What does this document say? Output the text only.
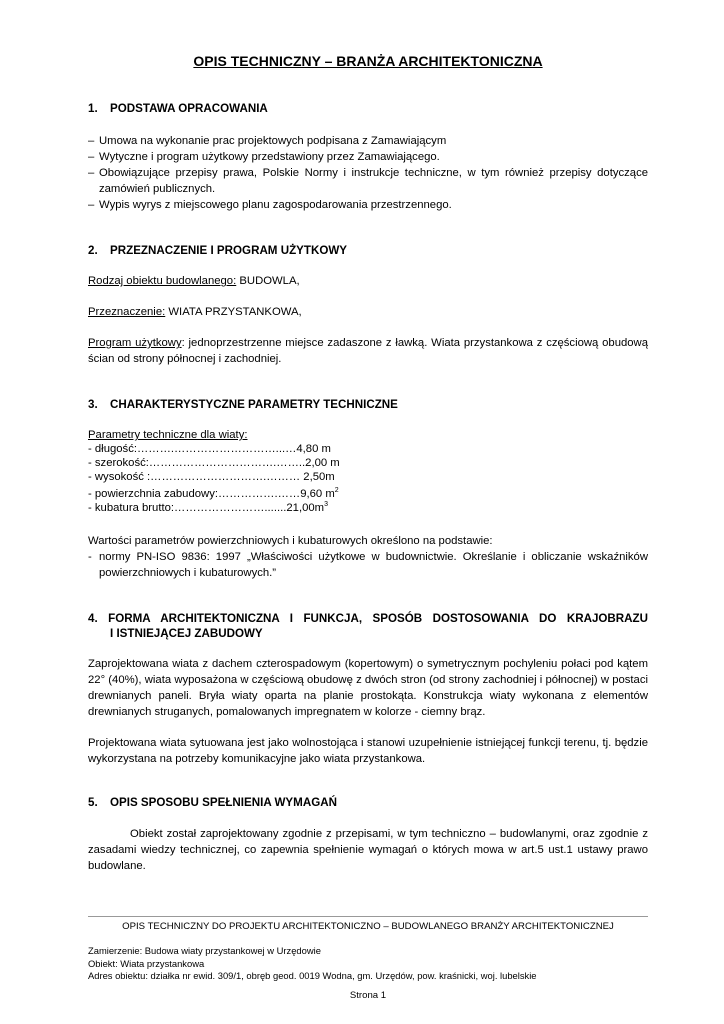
OPIS TECHNICZNY – BRANŻA ARCHITEKTONICZNA
1. PODSTAWA OPRACOWANIA
– Umowa na wykonanie prac projektowych podpisana z Zamawiającym
– Wytyczne i program użytkowy przedstawiony przez Zamawiającego.
– Obowiązujące przepisy prawa, Polskie Normy i instrukcje techniczne, w tym również przepisy dotyczące zamówień publicznych.
– Wypis wyrys z miejscowego planu zagospodarowania przestrzennego.
2. PRZEZNACZENIE I PROGRAM UŻYTKOWY
Rodzaj obiektu budowlanego: BUDOWLA,
Przeznaczenie: WIATA PRZYSTANKOWA,
Program użytkowy: jednoprzestrzenne miejsce zadaszone z ławką. Wiata przystankowa z częściową obudową ścian od strony północnej i zachodniej.
3. CHARAKTERYSTYCZNE PARAMETRY TECHNICZNE
Parametry techniczne dla wiaty:
- długość:……….………………………...…4,80 m
- szerokość:…………………………….……..2,00 m
- wysokość :………………………….……… 2,50m
- powierzchnia zabudowy:…………….……9,60 $m^2$
- kubatura $brutto:\dots\dots\dots\dots\dots\dots\dots\dots.......21,00m^3$
Wartości parametrów powierzchniowych i kubaturowych określono na podstawie:
- normy PN-ISO 9836: 1997 „Właściwości użytkowe w budownictwie. Określanie i obliczanie wskaźników powierzchniowych i kubaturowych.”
4. FORMA ARCHITEKTONICZNA I FUNKCJA, SPOSÓB DOSTOSOWANIA DO KRAJOBRAZU
I ISTNIEJĄCEJ ZABUDOWY
Zaprojektowana wiata z dachem czterospadowym (kopertowym) o symetrycznym pochyleniu połaci pod kątem 22° (40%), wiata wyposażona w częściową obudowę z dwóch stron (od strony zachodniej i północnej) w postaci drewnianych paneli. Bryła wiaty oparta na planie prostokąta. Konstrukcja wiaty wykonana z elementów drewnianych struganych, pomalowanych impregnatem w kolorze - ciemny brąz.
Projektowana wiata sytuowana jest jako wolnostojąca i stanowi uzupełnienie istniejącej funkcji terenu, tj. będzie wykorzystana na potrzeby komunikacyjne jako wiata przystankowa.
5. OPIS SPOSOBU SPEŁNIENIA WYMAGAŃ
Obiekt został zaprojektowany zgodnie z przepisami, w tym techniczno – budowlanymi, oraz zgodnie z zasadami wiedzy technicznej, co zapewnia spełnienie wymagań o których mowa w art.5 ust.1 ustawy prawo budowlane.
OPIS TECHNICZNY DO PROJEKTU ARCHITEKTONICZNO – BUDOWLANEGO BRANŻY ARCHITEKTONICZNEJ
Zamierzenie: Budowa wiaty przystankowej w Urzędowie
Obiekt: Wiata przystankowa
Adres obiektu: działka nr ewid. 309/1, obręb geod. 0019 Wodna, gm. Urzędów, pow. kraśnicki, woj. lubelskie
Strona 1
